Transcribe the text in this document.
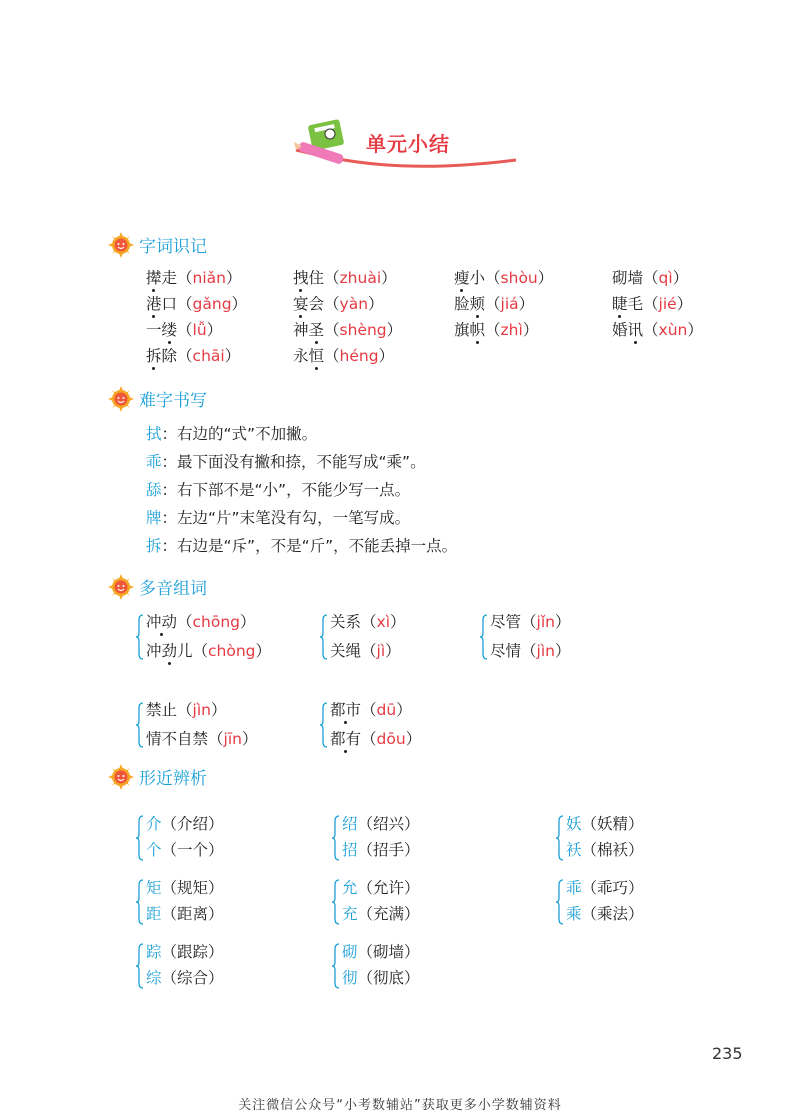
单元小结
字词识记
撵走（niǎn）	拽住（zhuài）	瘦小（shòu）	砌墙（qì）
港口（gǎng）	宴会（yàn）	脸颊（jiá）	睫毛（jié）
一缕（lǚ）	神圣（shèng）	旗帜（zhì）	婚讯（xùn）
拆除（chāi）	永恒（héng）
难字书写
拭：右边的“式”不加撇。
乖：最下面没有撇和捺，不能写成“乘”。
舔：右下部不是“小”，不能少写一点。
牌：左边“片”末笔没有勾，一笔写成。
拆：右边是“斥”，不是“斤”，不能丢掉一点。
多音组词
冲动（chōng）
冲劲儿（chòng）
关系（xì）
关绳（jì）
尽管（jǐn）
尽情（jìn）
禁止（jìn）
情不自禁（jīn）
都市（dū）
都有（dōu）
形近辨析
介（介绍）
个（一个）
绍（绍兴）
招（招手）
妖（妖精）
袄（棉袄）
矩（规矩）
距（距离）
允（允许）
充（充满）
乖（乖巧）
乘（乘法）
踪（跟踪）
综（综合）
砌（砌墙）
彻（彻底）
235
关注微信公众号“小考数辅站”获取更多小学数辅资料
